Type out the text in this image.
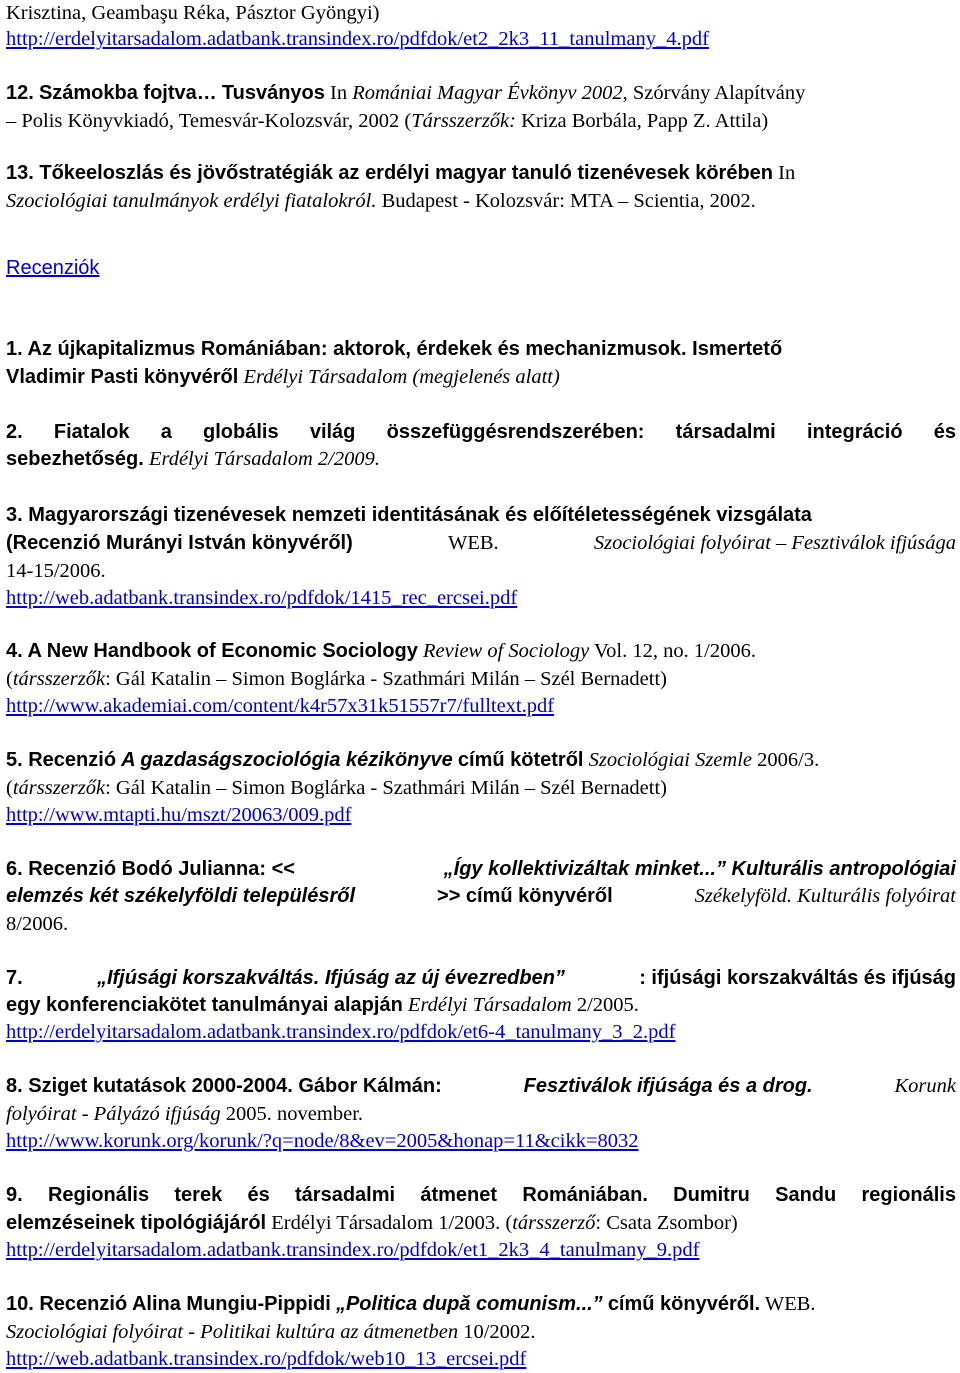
Krisztina, Geambaşu Réka, Pásztor Gyöngyi)
http://erdelyitarsadalom.adatbank.transindex.ro/pdfdok/et2_2k3_11_tanulmany_4.pdf
12. Számokba fojtva… Tusványos In Romániai Magyar Évkönyv 2002, Szórvány Alapítvány
– Polis Könyvkiadó, Temesvár-Kolozsvár, 2002 (Társszerzők: Kriza Borbála, Papp Z. Attila)
13. Tőkeeloszlás és jövőstratégiák az erdélyi magyar tanuló tizenévesek körében In
Szociológiai tanulmányok erdélyi fiatalokról. Budapest - Kolozsvár: MTA – Scientia, 2002.
Recenziók
1. Az újkapitalizmus Romániában: aktorok, érdekek és mechanizmusok. Ismertető
Vladimir Pasti könyvéről Erdélyi Társadalom (megjelenés alatt)
2. Fiatalok a globális világ összefüggésrendszerében: társadalmi integráció és
sebezhetőség. Erdélyi Társadalom 2/2009.
3. Magyarországi tizenévesek nemzeti identitásának és előítéletességének vizsgálata
(Recenzió Murányi István könyvéről)	WEB.	Szociológiai folyóirat – Fesztiválok ifjúsága
14-15/2006.
http://web.adatbank.transindex.ro/pdfdok/1415_rec_ercsei.pdf
4. A New Handbook of Economic Sociology Review of Sociology Vol. 12, no. 1/2006.
(társszerzők: Gál Katalin – Simon Boglárka - Szathmári Milán – Szél Bernadett)
http://www.akademiai.com/content/k4r57x31k51557r7/fulltext.pdf
5. Recenzió A gazdaságszociológia kézikönyve című kötetről Szociológiai Szemle 2006/3.
(társszerzők: Gál Katalin – Simon Boglárka - Szathmári Milán – Szél Bernadett)
http://www.mtapti.hu/mszt/20063/009.pdf
6. Recenzió Bodó Julianna: <<	„Így kollektivizáltak minket...” Kulturális antropológiai
elemzés két székelyföldi településről	>> című könyvéről	Székelyföld. Kulturális folyóirat
8/2006.
7.	„Ifjúsági korszakváltás. Ifjúság az új évezredben”	: ifjúsági korszakváltás és ifjúság
egy konferenciakötet tanulmányai alapján Erdélyi Társadalom 2/2005.
http://erdelyitarsadalom.adatbank.transindex.ro/pdfdok/et6-4_tanulmany_3_2.pdf
8. Sziget kutatások 2000-2004. Gábor Kálmán:	Fesztiválok ifjúsága és a drog.	Korunk
folyóirat - Pályázó ifjúság 2005. november.
http://www.korunk.org/korunk/?q=node/8&ev=2005&honap=11&cikk=8032
9. Regionális terek és társadalmi átmenet Romániában. Dumitru Sandu regionális
elemzéseinek tipológiájáról Erdélyi Társadalom 1/2003. (társszerző: Csata Zsombor)
http://erdelyitarsadalom.adatbank.transindex.ro/pdfdok/et1_2k3_4_tanulmany_9.pdf
10. Recenzió Alina Mungiu-Pippidi „Politica după comunism...” című könyvéről. WEB.
Szociológiai folyóirat - Politikai kultúra az átmenetben 10/2002.
http://web.adatbank.transindex.ro/pdfdok/web10_13_ercsei.pdf
